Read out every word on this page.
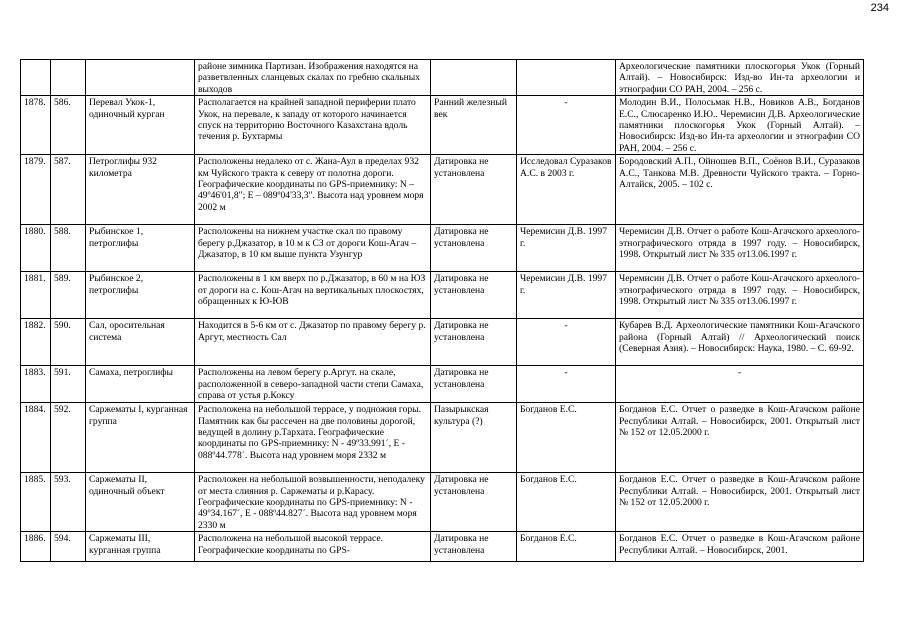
234
			районе зимника Партизан. Изображения находятся на разветвленных сланцевых скалах по гребню скальных выходов			Археологические памятники плоскогорья Укок (Горный Алтай). – Новосибирск: Изд-во Ин-та археологии и этнографии СО РАН, 2004. – 256 с.
1878.	586.	Перевал Укок-1, одиночный курган	Располагается на крайней западной периферии плато Укок, на перевале, к западу от которого начинается спуск на территорию Восточного Казахстана вдоль течения р. Бухтармы	Ранний железный век	-	Молодин В.И., Полосьмак Н.В., Новиков А.В., Богданов Е.С., Слюсаренко И.Ю.. Черемисин Д.В. Археологические памятники плоскогорья Укок (Горный Алтай). – Новосибирск: Изд-во Ин-та археологии и этнографии СО РАН, 2004. – 256 с.
1879.	587.	Петроглифы 932 километра	Расположены недалеко от с. Жана-Аул в пределах 932 км Чуйского тракта к северу от полотна дороги. Географические координаты по GPS-приемнику: N – 49º46'01,8"; E – 089º04'33,3". Высота над уровнем моря 2002 м	Датировка не установлена	Исследовал Суразаков А.С. в 2003 г.	Бородовский А.П., Ойношев В.П., Соёнов В.И., Суразаков А.С., Танкова М.В. Древности Чуйского тракта. – Горно-Алтайск, 2005. – 102 с.
1880.	588.	Рыбинское 1, петроглифы	Расположены на нижнем участке скал по правому берегу р.Джазатор, в 10 м к СЗ от дороги Кош-Агач – Джазатор, в 10 км выше пункта Узунгур	Датировка не установлена	Черемисин Д.В. 1997 г.	Черемисин Д.В. Отчет о работе Кош-Агачского археолого-этнографического отряда в 1997 году. – Новосибирск, 1998. Открытый лист № 335 от13.06.1997 г.
1881.	589.	Рыбинское 2, петроглифы	Расположены в 1 км вверх по р.Джазатор, в 60 м на ЮЗ от дороги на с. Кош-Агач на вертикальных плоскостях, обращенных к Ю-ЮВ	Датировка не установлена	Черемисин Д.В. 1997 г.	Черемисин Д.В. Отчет о работе Кош-Агачского археолого-этнографического отряда в 1997 году. – Новосибирск, 1998. Открытый лист № 335 от13.06.1997 г.
1882.	590.	Сал, оросительная система	Находится в 5-6 км от с. Джазатор по правому берегу р. Аргут, местность Сал	Датировка не установлена	-	Кубарев В.Д. Археологические памятники Кош-Агачского района (Горный Алтай) // Археологический поиск (Северная Азия). – Новосибирск: Наука, 1980. – С. 69-92.
1883.	591.	Самаха, петроглифы	Расположены на левом берегу р.Аргут. на скале, расположенной в северо-западной части степи Самаха, справа от устья р.Коксу	Датировка не установлена	-	-
1884.	592.	Саржематы I, курганная группа	Расположена на небольшой террасе, у подножия горы. Памятник как бы рассечен на две половины дорогой, ведущей в долину р.Тархата. Географические координаты по GPS-приемнику: N - 49º33.991´, E - 088º44.778´. Высота над уровнем моря 2332 м	Пазырыкская культура (?)	Богданов Е.С.	Богданов Е.С. Отчет о разведке в Кош-Агачском районе Республики Алтай. – Новосибирск, 2001. Открытый лист № 152 от 12.05.2000 г.
1885.	593.	Саржематы II, одиночный объект	Расположен на небольшой возвышенности, неподалеку от места слияния р. Саржематы и р.Карасу. Географические координаты по GPS-приемнику: N - 49º34.167´, E - 088º44.827´. Высота над уровнем моря 2330 м	Датировка не установлена	Богданов Е.С.	Богданов Е.С. Отчет о разведке в Кош-Агачском районе Республики Алтай. – Новосибирск, 2001. Открытый лист № 152 от 12.05.2000 г.
1886.	594.	Саржематы III, курганная группа	Расположена на небольшой высокой террасе. Географические координаты по GPS-	Датировка не установлена	Богданов Е.С.	Богданов Е.С. Отчет о разведке в Кош-Агачском районе Республики Алтай. – Новосибирск, 2001.
